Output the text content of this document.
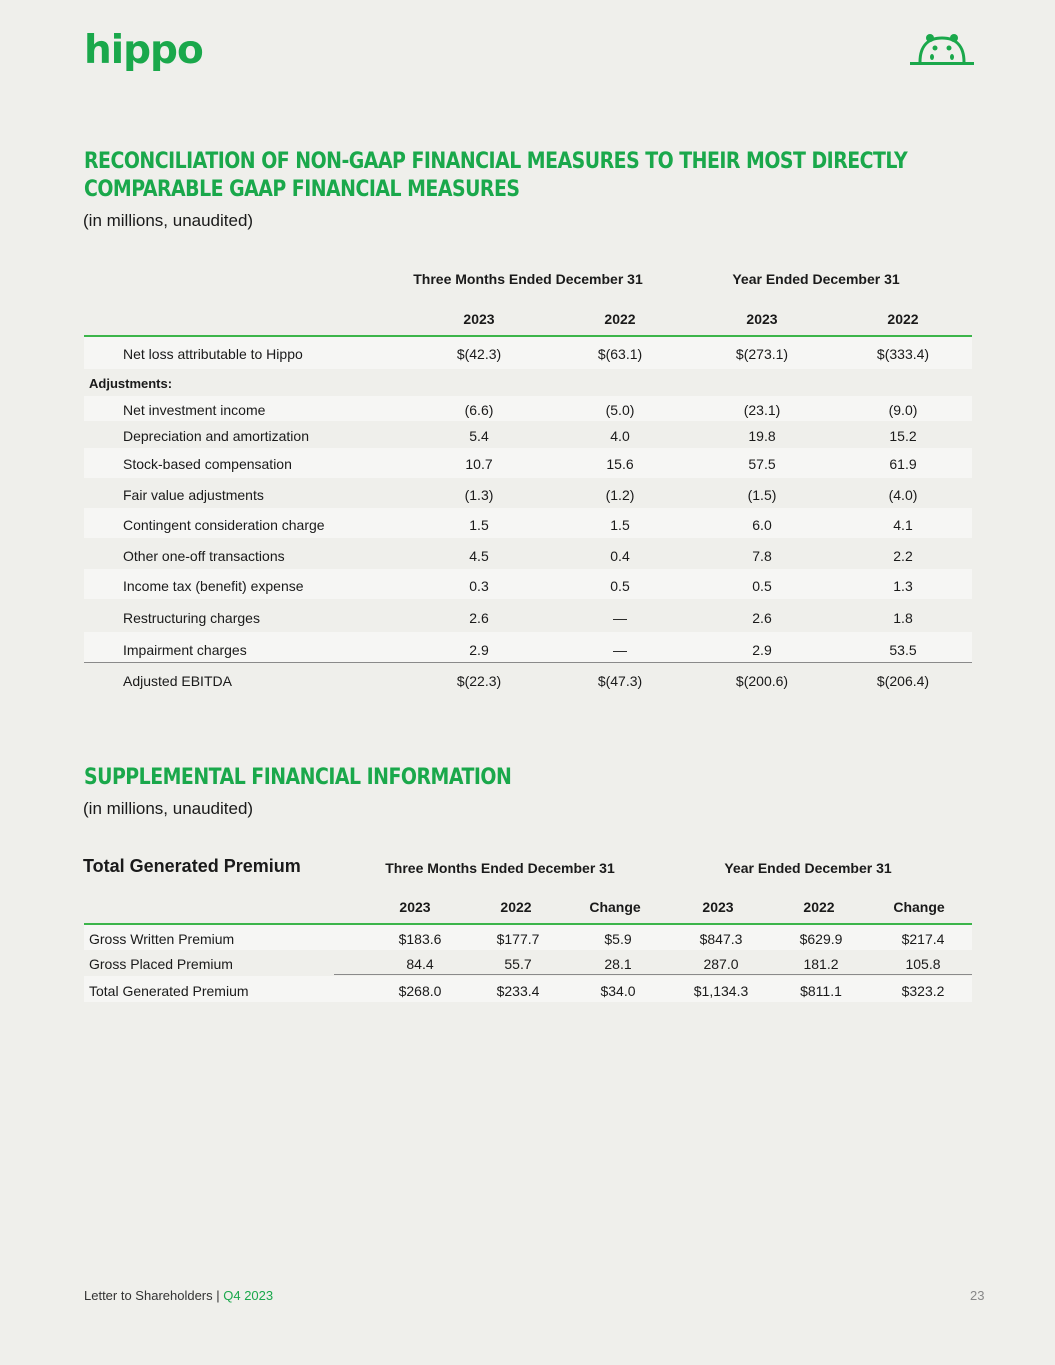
hippo
RECONCILIATION OF NON-GAAP FINANCIAL MEASURES TO THEIR MOST DIRECTLY
COMPARABLE GAAP FINANCIAL MEASURES
(in millions, unaudited)
Three Months Ended December 31	Year Ended December 31
2023	2022	2023	2022
Adjustments:
Net loss attributable to Hippo	$(42.3)	$(63.1)	$(273.1)	$(333.4)
Net investment income	(6.6)	(5.0)	(23.1)	(9.0)
Depreciation and amortization	5.4	4.0	19.8	15.2
Stock-based compensation	10.7	15.6	57.5	61.9
Fair value adjustments	(1.3)	(1.2)	(1.5)	(4.0)
Contingent consideration charge	1.5	1.5	6.0	4.1
Other one-off transactions	4.5	0.4	7.8	2.2
Income tax (benefit) expense	0.3	0.5	0.5	1.3
Restructuring charges	2.6	—	2.6	1.8
Impairment charges	2.9	—	2.9	53.5
Adjusted EBITDA	$(22.3)	$(47.3)	$(200.6)	$(206.4)
SUPPLEMENTAL FINANCIAL INFORMATION
(in millions, unaudited)
Total Generated Premium	Three Months Ended December 31	Year Ended December 31
2023	2022	Change	2023	2022	Change
Gross Written Premium	$183.6	$177.7	$5.9	$847.3	$629.9	$217.4
Gross Placed Premium	84.4	55.7	28.1	287.0	181.2	105.8
Total Generated Premium	$268.0	$233.4	$34.0	$1,134.3	$811.1	$323.2
Letter to Shareholders | Q4 2023	23
